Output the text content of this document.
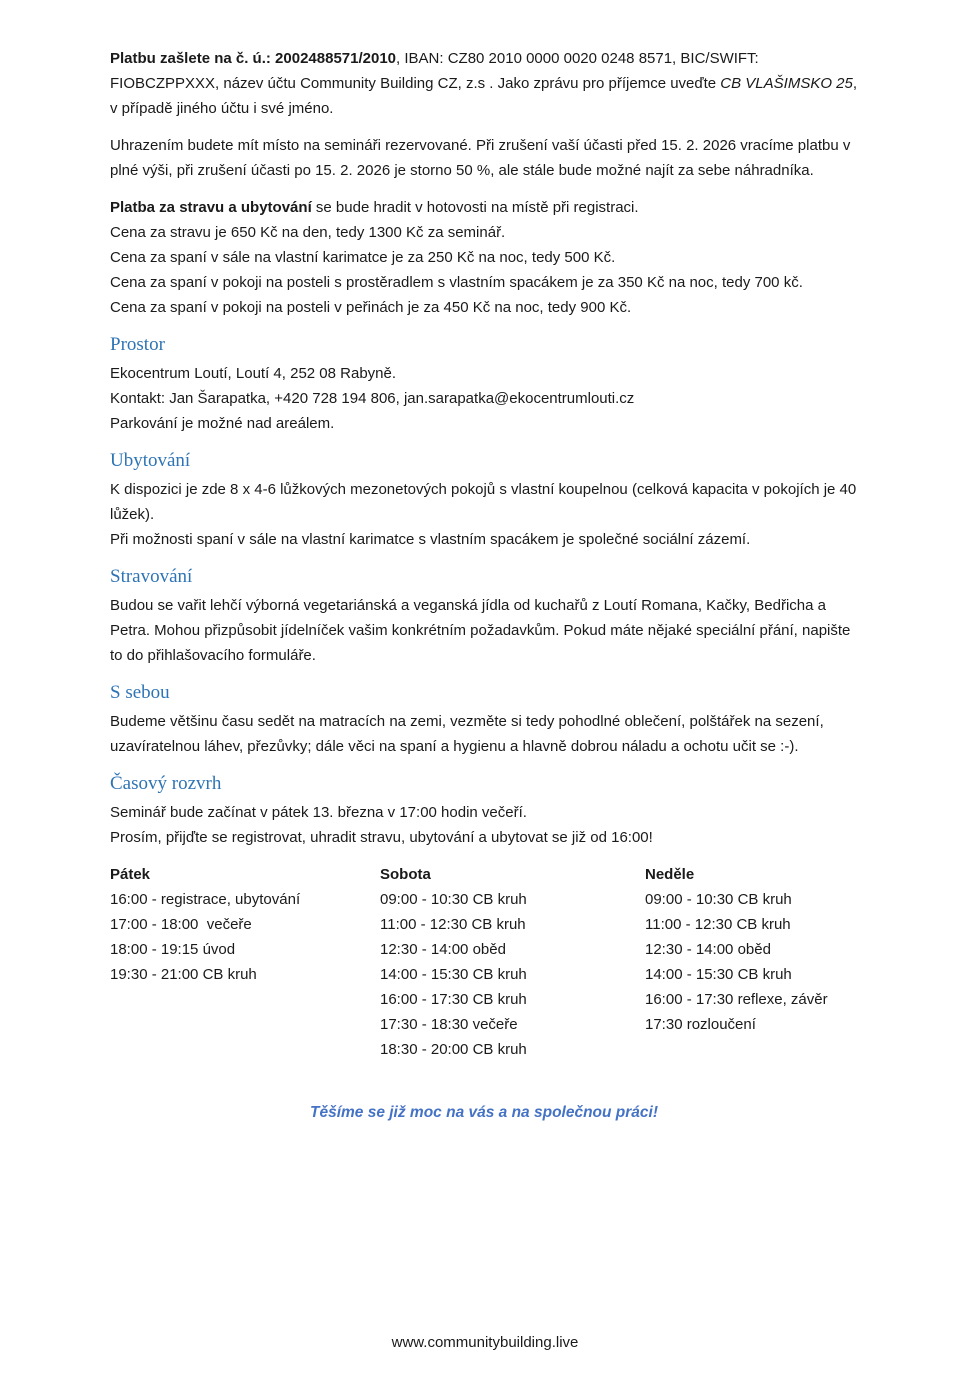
Platbu zašlete na č. ú.: 2002488571/2010, IBAN: CZ80 2010 0000 0020 0248 8571, BIC/SWIFT: FIOBCZPPXXX, název účtu Community Building CZ, z.s . Jako zprávu pro příjemce uveďte CB VLAŠIMSKO 25, v případě jiného účtu i své jméno.

Uhrazením budete mít místo na semináři rezervované. Při zrušení vaší účasti před 15. 2. 2026 vracíme platbu v plné výši, při zrušení účasti po 15. 2. 2026 je storno 50 %, ale stále bude možné najít za sebe náhradníka.

Platba za stravu a ubytování se bude hradit v hotovosti na místě při registraci.
Cena za stravu je 650 Kč na den, tedy 1300 Kč za seminář.
Cena za spaní v sále na vlastní karimatce je za 250 Kč na noc, tedy 500 Kč.
Cena za spaní v pokoji na posteli s prostěradlem s vlastním spacákem je za 350 Kč na noc, tedy 700 kč.
Cena za spaní v pokoji na posteli v peřinách je za 450 Kč na noc, tedy 900 Kč.
Prostor
Ekocentrum Loutí, Loutí 4, 252 08 Rabyně.
Kontakt: Jan Šarapatka, +420 728 194 806, jan.sarapatka@ekocentrumlouti.cz
Parkování je možné nad areálem.
Ubytování
K dispozici je zde 8 x 4-6 lůžkových mezonetových pokojů s vlastní koupelnou (celková kapacita v pokojích je 40 lůžek).
Při možnosti spaní v sále na vlastní karimatce s vlastním spacákem je společné sociální zázemí.
Stravování
Budou se vařit lehčí výborná vegetariánská a veganská jídla od kuchařů z Loutí Romana, Kačky, Bedřicha a Petra. Mohou přizpůsobit jídelníček vašim konkrétním požadavkům. Pokud máte nějaké speciální přání, napište to do přihlašovacího formuláře.
S sebou
Budeme většinu času sedět na matracích na zemi, vezměte si tedy pohodlné oblečení, polštářek na sezení, uzavíratelnou láhev, přezůvky; dále věci na spaní a hygienu a hlavně dobrou náladu a ochotu učit se :-).
Časový rozvrh
Seminář bude začínat v pátek 13. března v 17:00 hodin večeří.
Prosím, přijďte se registrovat, uhradit stravu, ubytování a ubytovat se již od 16:00!
Pátek
16:00 - registrace, ubytování
17:00 - 18:00  večeře
18:00 - 19:15 úvod
19:30 - 21:00 CB kruh
Sobota
09:00 - 10:30 CB kruh
11:00 - 12:30 CB kruh
12:30 - 14:00 oběd
14:00 - 15:30 CB kruh
16:00 - 17:30 CB kruh
17:30 - 18:30 večeře
18:30 - 20:00 CB kruh
Neděle
09:00 - 10:30 CB kruh
11:00 - 12:30 CB kruh
12:30 - 14:00 oběd
14:00 - 15:30 CB kruh
16:00 - 17:30 reflexe, závěr
17:30 rozloučení
Těšíme se již moc na vás a na společnou práci!
www.communitybuilding.live
